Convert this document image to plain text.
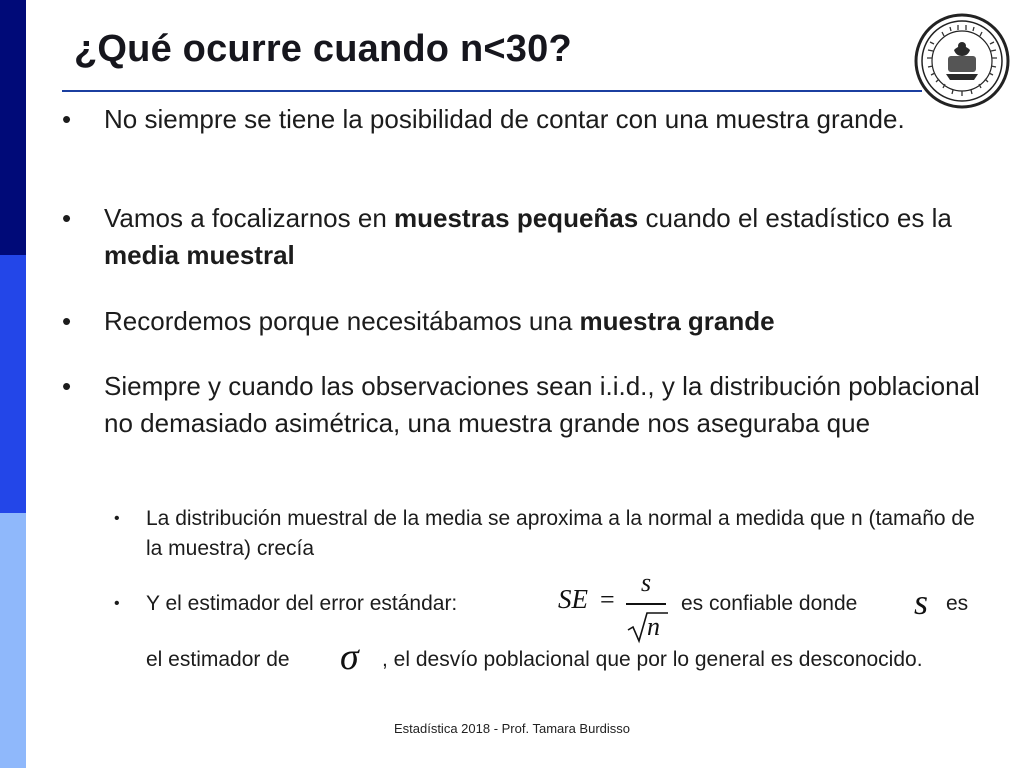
¿Qué ocurre cuando n<30?
•	No siempre se tiene la posibilidad de contar con una muestra grande.
•	Vamos a focalizarnos en muestras pequeñas cuando el estadístico es la media muestral
•	Recordemos porque necesitábamos una muestra grande
•	Siempre y cuando las observaciones sean i.i.d., y la distribución poblacional no demasiado asimétrica, una muestra grande nos aseguraba que
• La distribución muestral de la media se aproxima a la normal a medida que n (tamaño de la muestra) crecía
• Y el estimador del error estándar:	SE =
s
n
es confiable donde s es
el estimador de σ	, el desvío poblacional que por lo general es desconocido.
Estadística 2018 - Prof. Tamara Burdisso
